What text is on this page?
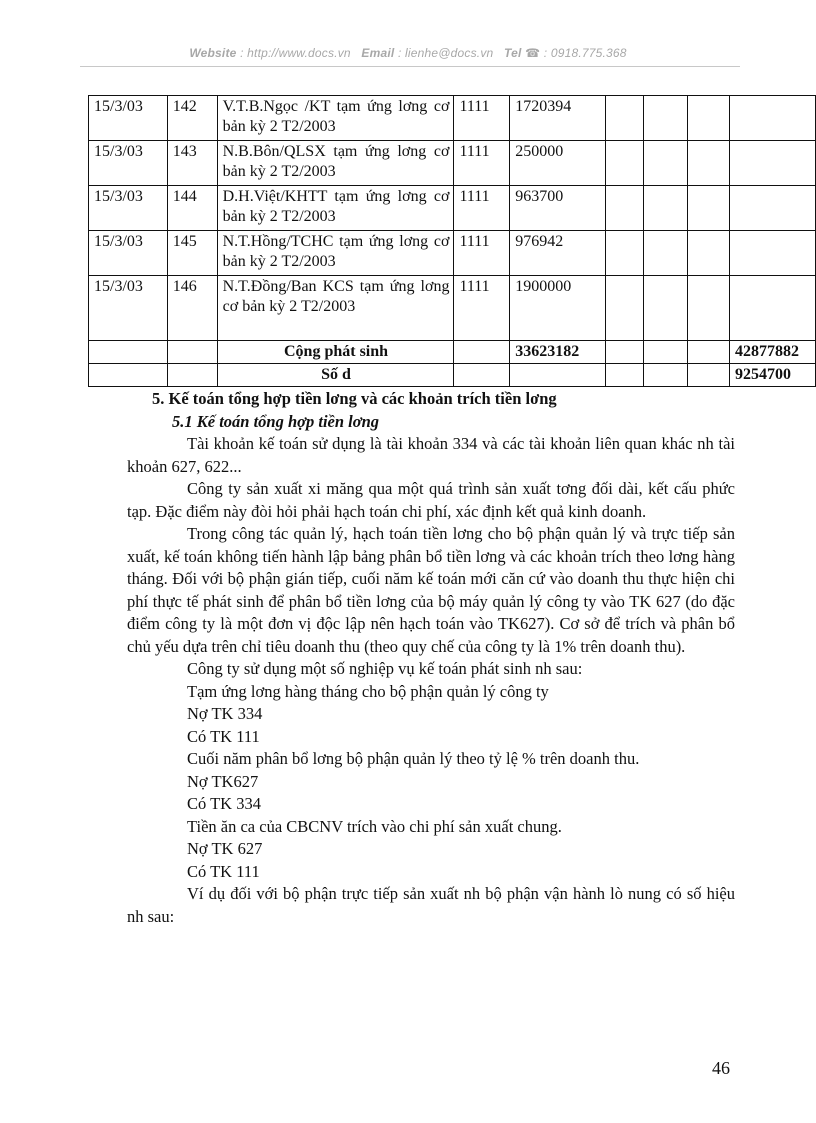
Website : http://www.docs.vn Email : lienhe@docs.vn Tel ☎ : 0918.775.368
15/3/03	142	V.T.B.Ngọc /KT tạm ứng lơng cơ bản kỳ 2 T2/2003	1111	1720394				
15/3/03	143	N.B.Bôn/QLSX tạm ứng lơng cơ bản kỳ 2 T2/2003	1111	250000				
15/3/03	144	D.H.Việt/KHTT tạm ứng lơng cơ bản kỳ 2 T2/2003	1111	963700				
15/3/03	145	N.T.Hồng/TCHC tạm ứng lơng cơ bản kỳ 2 T2/2003	1111	976942				
15/3/03	146	N.T.Đồng/Ban KCS tạm ứng lơng cơ bản kỳ 2 T2/2003	1111	1900000				
		Cộng phát sinh		33623182				42877882
		Số d						9254700

5. Kế toán tổng hợp tiền lơng và các khoản trích tiền lơng

5.1 Kế toán tổng hợp tiền lơng

Tài khoản kế toán sử dụng là tài khoản 334 và các tài khoản liên quan khác nh tài khoản 627, 622...

Công ty sản xuất xi măng qua một quá trình sản xuất tơng đối dài, kết cấu phức tạp. Đặc điểm này đòi hỏi phải hạch toán chi phí, xác định kết quả kinh doanh.

Trong công tác quản lý, hạch toán tiền lơng cho bộ phận quản lý và trực tiếp sản xuất, kế toán không tiến hành lập bảng phân bổ tiền lơng và các khoản trích theo lơng hàng tháng. Đối với bộ phận gián tiếp, cuối năm kế toán mới căn cứ vào doanh thu thực hiện chi phí thực tế phát sinh để phân bổ tiền lơng của bộ máy quản lý công ty vào TK 627 (do đặc điểm công ty là một đơn vị độc lập nên hạch toán vào TK627). Cơ sở để trích và phân bổ chủ yếu dựa trên chỉ tiêu doanh thu (theo quy chế của công ty là 1% trên doanh thu).

Công ty sử dụng một số nghiệp vụ kế toán phát sinh nh sau:

Tạm ứng lơng hàng tháng cho bộ phận quản lý công ty

Nợ TK 334

Có TK 111

Cuối năm phân bổ lơng bộ phận quản lý theo tỷ lệ % trên doanh thu.

Nợ TK627

Có TK 334

Tiền ăn ca của CBCNV trích vào chi phí sản xuất chung.

Nợ TK 627

Có TK 111

Ví dụ đối với bộ phận trực tiếp sản xuất nh bộ phận vận hành lò nung có số hiệu nh sau:

46
